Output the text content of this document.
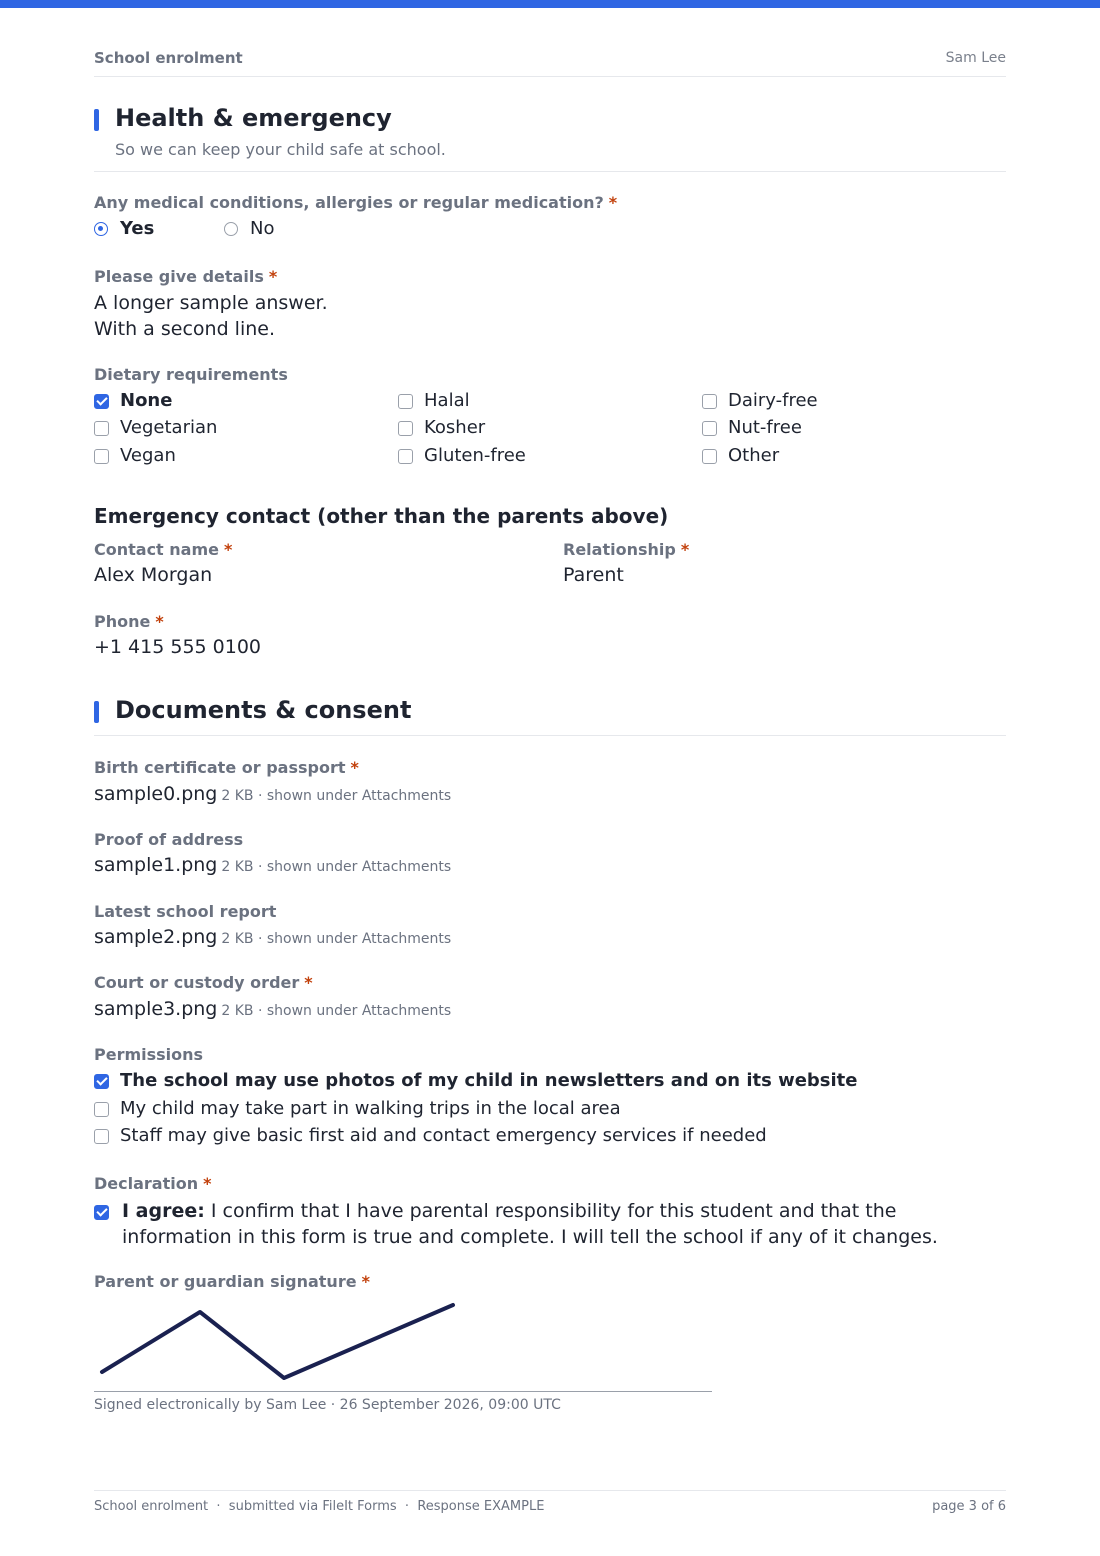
School enrolment	Sam Lee
Health & emergency
So we can keep your child safe at school.
Any medical conditions, allergies or regular medication? *
Yes	No
Please give details *
A longer sample answer.
With a second line.
Dietary requirements
None	Halal	Dairy-free
Vegetarian	Kosher	Nut-free
Vegan	Gluten-free	Other
Emergency contact (other than the parents above)
Contact name *
Alex Morgan
Relationship *
Parent
Phone *
+1 415 555 0100
Documents & consent
Birth certificate or passport *
sample0.png 2 KB · shown under Attachments
Proof of address
sample1.png 2 KB · shown under Attachments
Latest school report
sample2.png 2 KB · shown under Attachments
Court or custody order *
sample3.png 2 KB · shown under Attachments
Permissions
The school may use photos of my child in newsletters and on its website
My child may take part in walking trips in the local area
Staff may give basic first aid and contact emergency services if needed
Declaration *
I agree: I confirm that I have parental responsibility for this student and that the information in this form is true and complete. I will tell the school if any of it changes.
Parent or guardian signature *
Signed electronically by Sam Lee · 26 September 2026, 09:00 UTC
School enrolment  ·  submitted via FileIt Forms  ·  Response EXAMPLE	page 3 of 6
